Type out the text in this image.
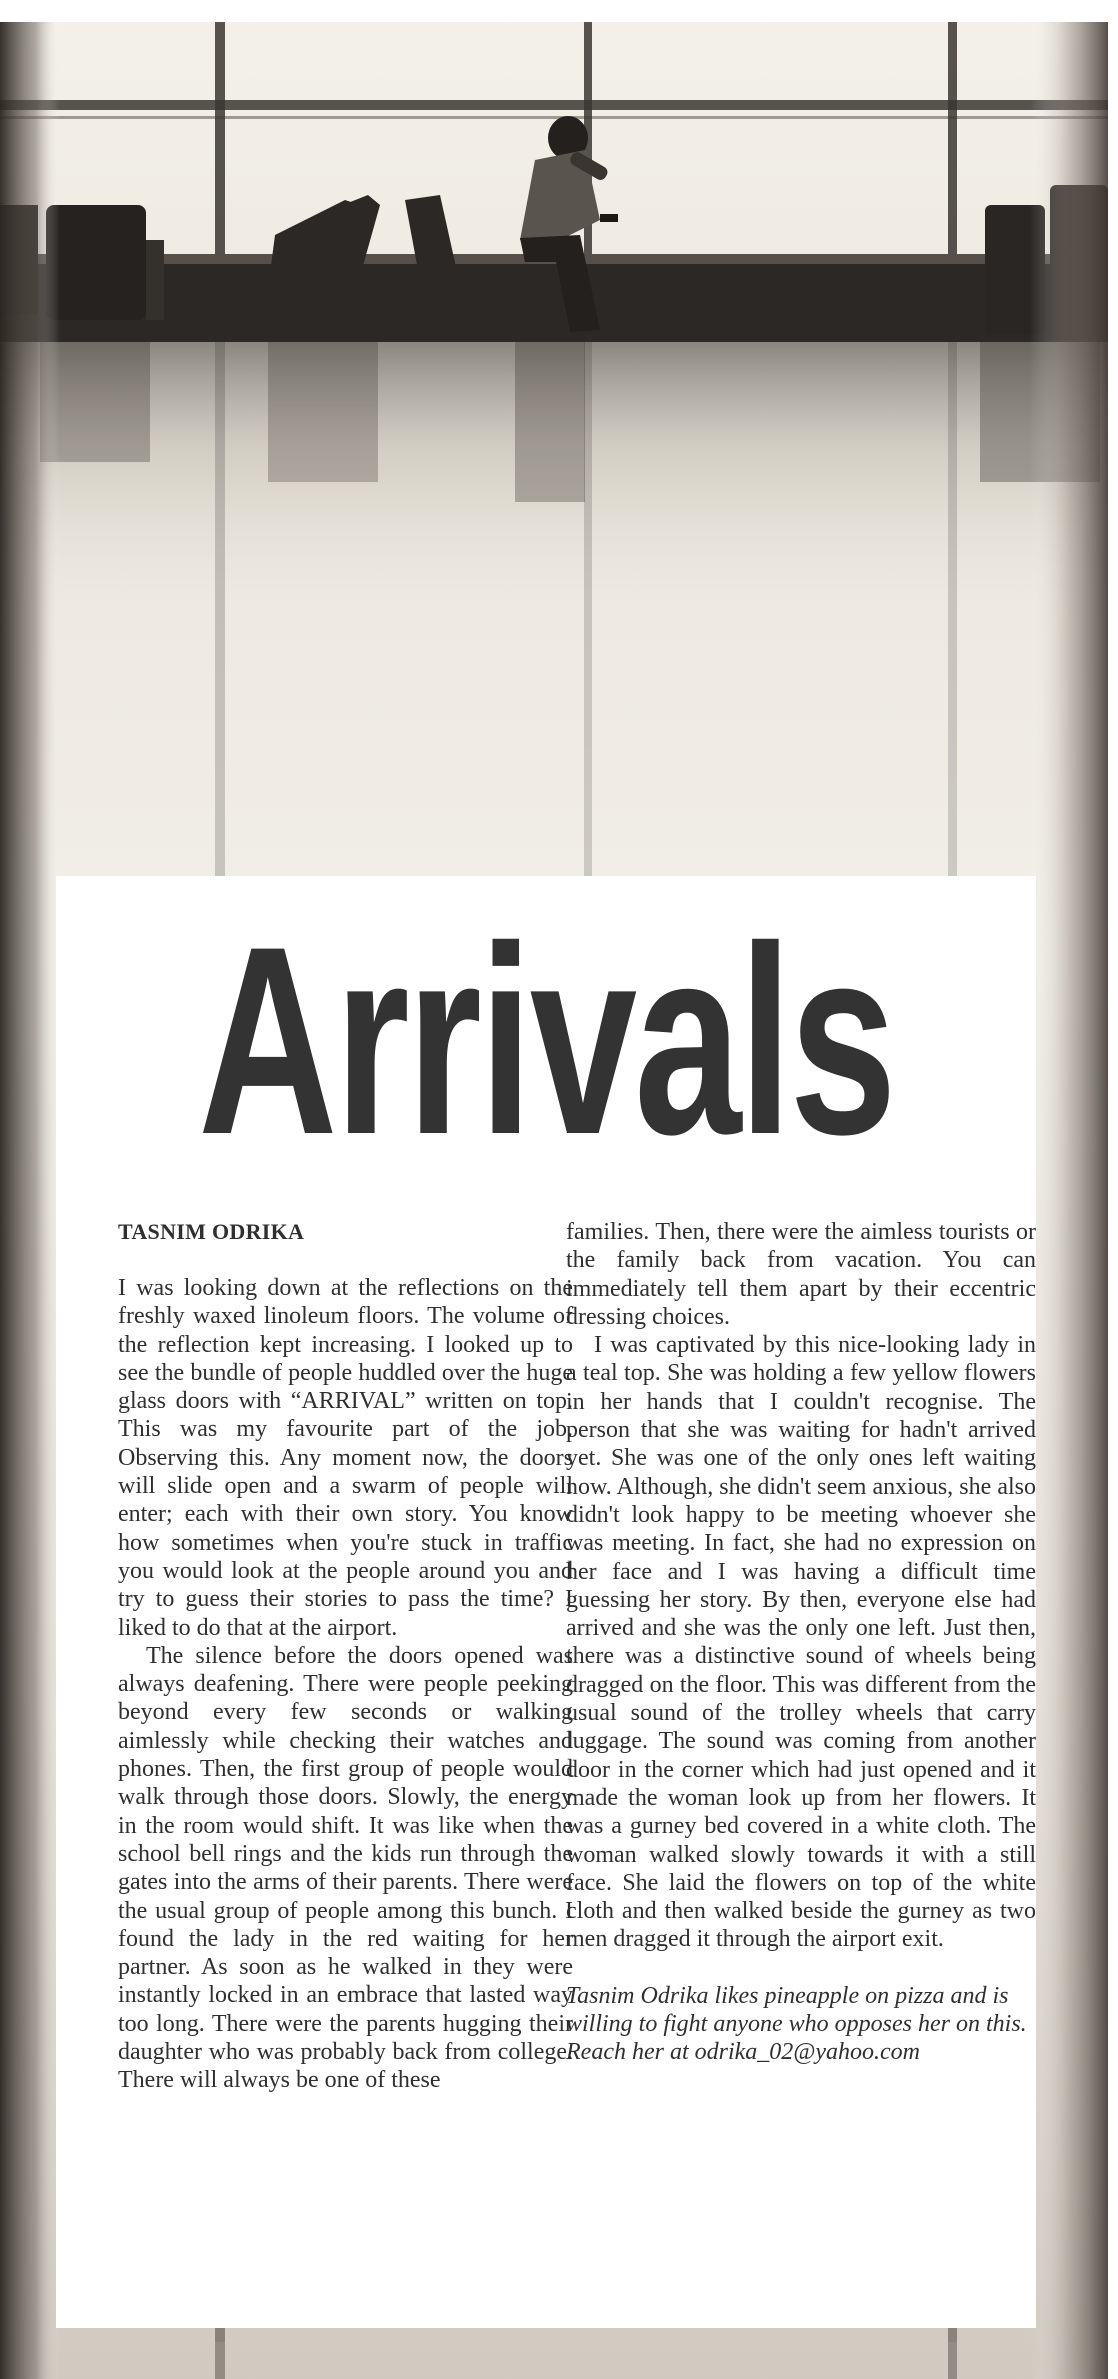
Arrivals
TASNIM ODRIKA

I was looking down at the reflections on the freshly waxed linoleum floors. The volume of the reflection kept increasing. I looked up to see the bundle of people huddled over the huge glass doors with “ARRIVAL” written on top. This was my favourite part of the job. Observing this. Any moment now, the doors will slide open and a swarm of people will enter; each with their own story. You know how sometimes when you're stuck in traffic you would look at the people around you and try to guess their stories to pass the time? I liked to do that at the airport.

The silence before the doors opened was always deafening. There were people peeking beyond every few seconds or walking aimlessly while checking their watches and phones. Then, the first group of people would walk through those doors. Slowly, the energy in the room would shift. It was like when the school bell rings and the kids run through the gates into the arms of their parents. There were the usual group of people among this bunch. I found the lady in the red waiting for her partner. As soon as he walked in they were instantly locked in an embrace that lasted way too long. There were the parents hugging their daughter who was probably back from college. There will always be one of these

families. Then, there were the aimless tourists or the family back from vacation. You can immediately tell them apart by their eccentric dressing choices.

I was captivated by this nice-looking lady in a teal top. She was holding a few yellow flowers in her hands that I couldn't recognise. The person that she was waiting for hadn't arrived yet. She was one of the only ones left waiting now. Although, she didn't seem anxious, she also didn't look happy to be meeting whoever she was meeting. In fact, she had no expression on her face and I was having a difficult time guessing her story. By then, everyone else had arrived and she was the only one left. Just then, there was a distinctive sound of wheels being dragged on the floor. This was different from the usual sound of the trolley wheels that carry luggage. The sound was coming from another door in the corner which had just opened and it made the woman look up from her flowers. It was a gurney bed covered in a white cloth. The woman walked slowly towards it with a still face. She laid the flowers on top of the white cloth and then walked beside the gurney as two men dragged it through the airport exit.

Tasnim Odrika likes pineapple on pizza and is willing to fight anyone who opposes her on this. Reach her at odrika_02@yahoo.com
